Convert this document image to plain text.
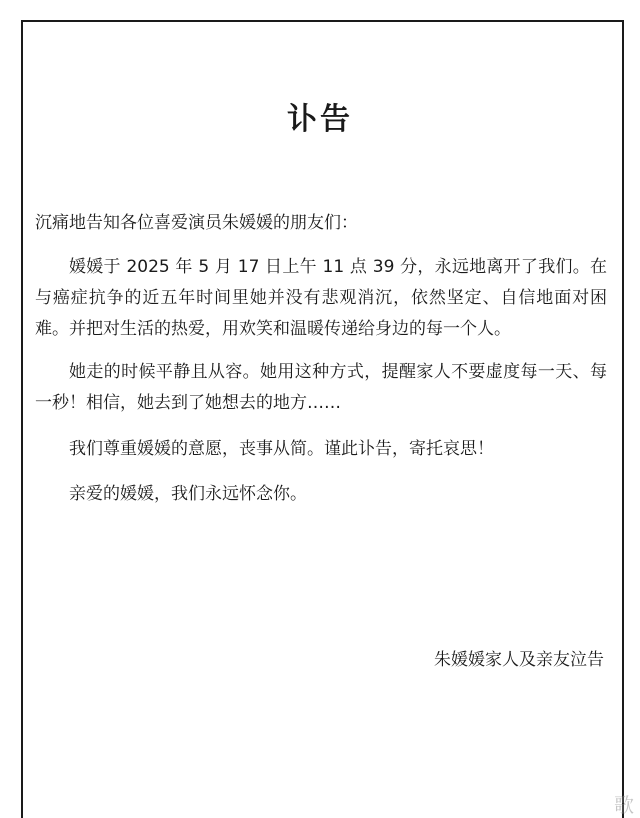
讣告
沉痛地告知各位喜爱演员朱媛媛的朋友们：
媛媛于 2025 年 5 月 17 日上午 11 点 39 分，永远地离开了我们。在与癌症抗争的近五年时间里她并没有悲观消沉，依然坚定、自信地面对困难。并把对生活的热爱，用欢笑和温暖传递给身边的每一个人。
她走的时候平静且从容。她用这种方式，提醒家人不要虚度每一天、每一秒！相信，她去到了她想去的地方……
我们尊重媛媛的意愿，丧事从简。谨此讣告，寄托哀思！
亲爱的媛媛，我们永远怀念你。
朱媛媛家人及亲友泣告
歌
